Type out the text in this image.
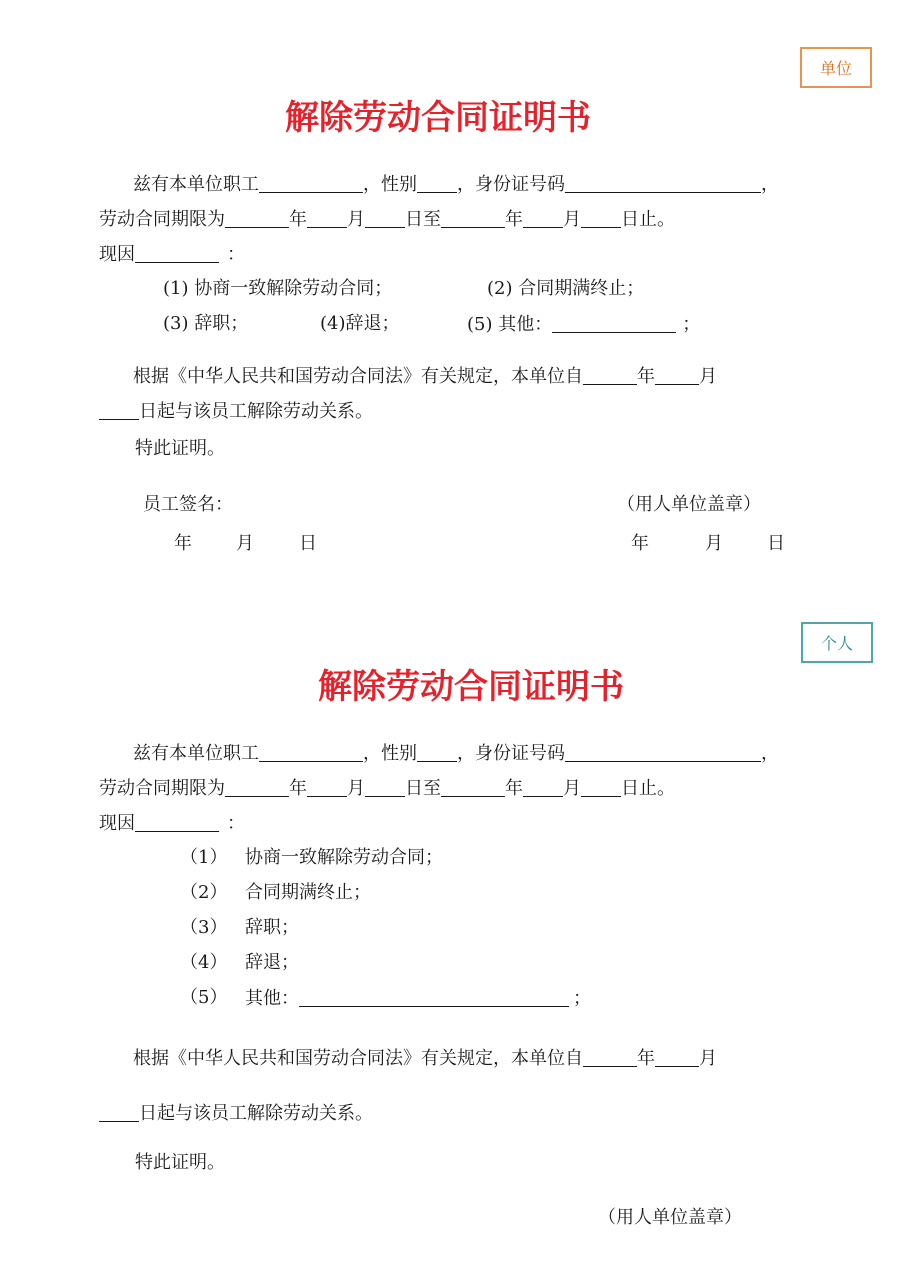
单位
解除劳动合同证明书
兹有本单位职工	，性别 ，身份证号码	，
劳动合同期限为	年 月 日至	年 月 日止。
现因	：
(1) 协商一致解除劳动合同；	(2) 合同期满终止；
(3) 辞职；	(4)辞退；	(5) 其他：	；
根据《中华人民共和国劳动合同法》有关规定，本单位自	年 月
日起与该员工解除劳动关系。
特此证明。
员工签名：	（用人单位盖章）
年 月	日	年	月 日
个人
解除劳动合同证明书
兹有本单位职工	，性别 ，身份证号码	，
劳动合同期限为	年 月 日至	年 月 日止。
现因	：
（1） 协商一致解除劳动合同；
（2） 合同期满终止；
（3） 辞职；
（4） 辞退；
（5） 其他：	；
根据《中华人民共和国劳动合同法》有关规定，本单位自	年 月
日起与该员工解除劳动关系。
特此证明。
（用人单位盖章）
